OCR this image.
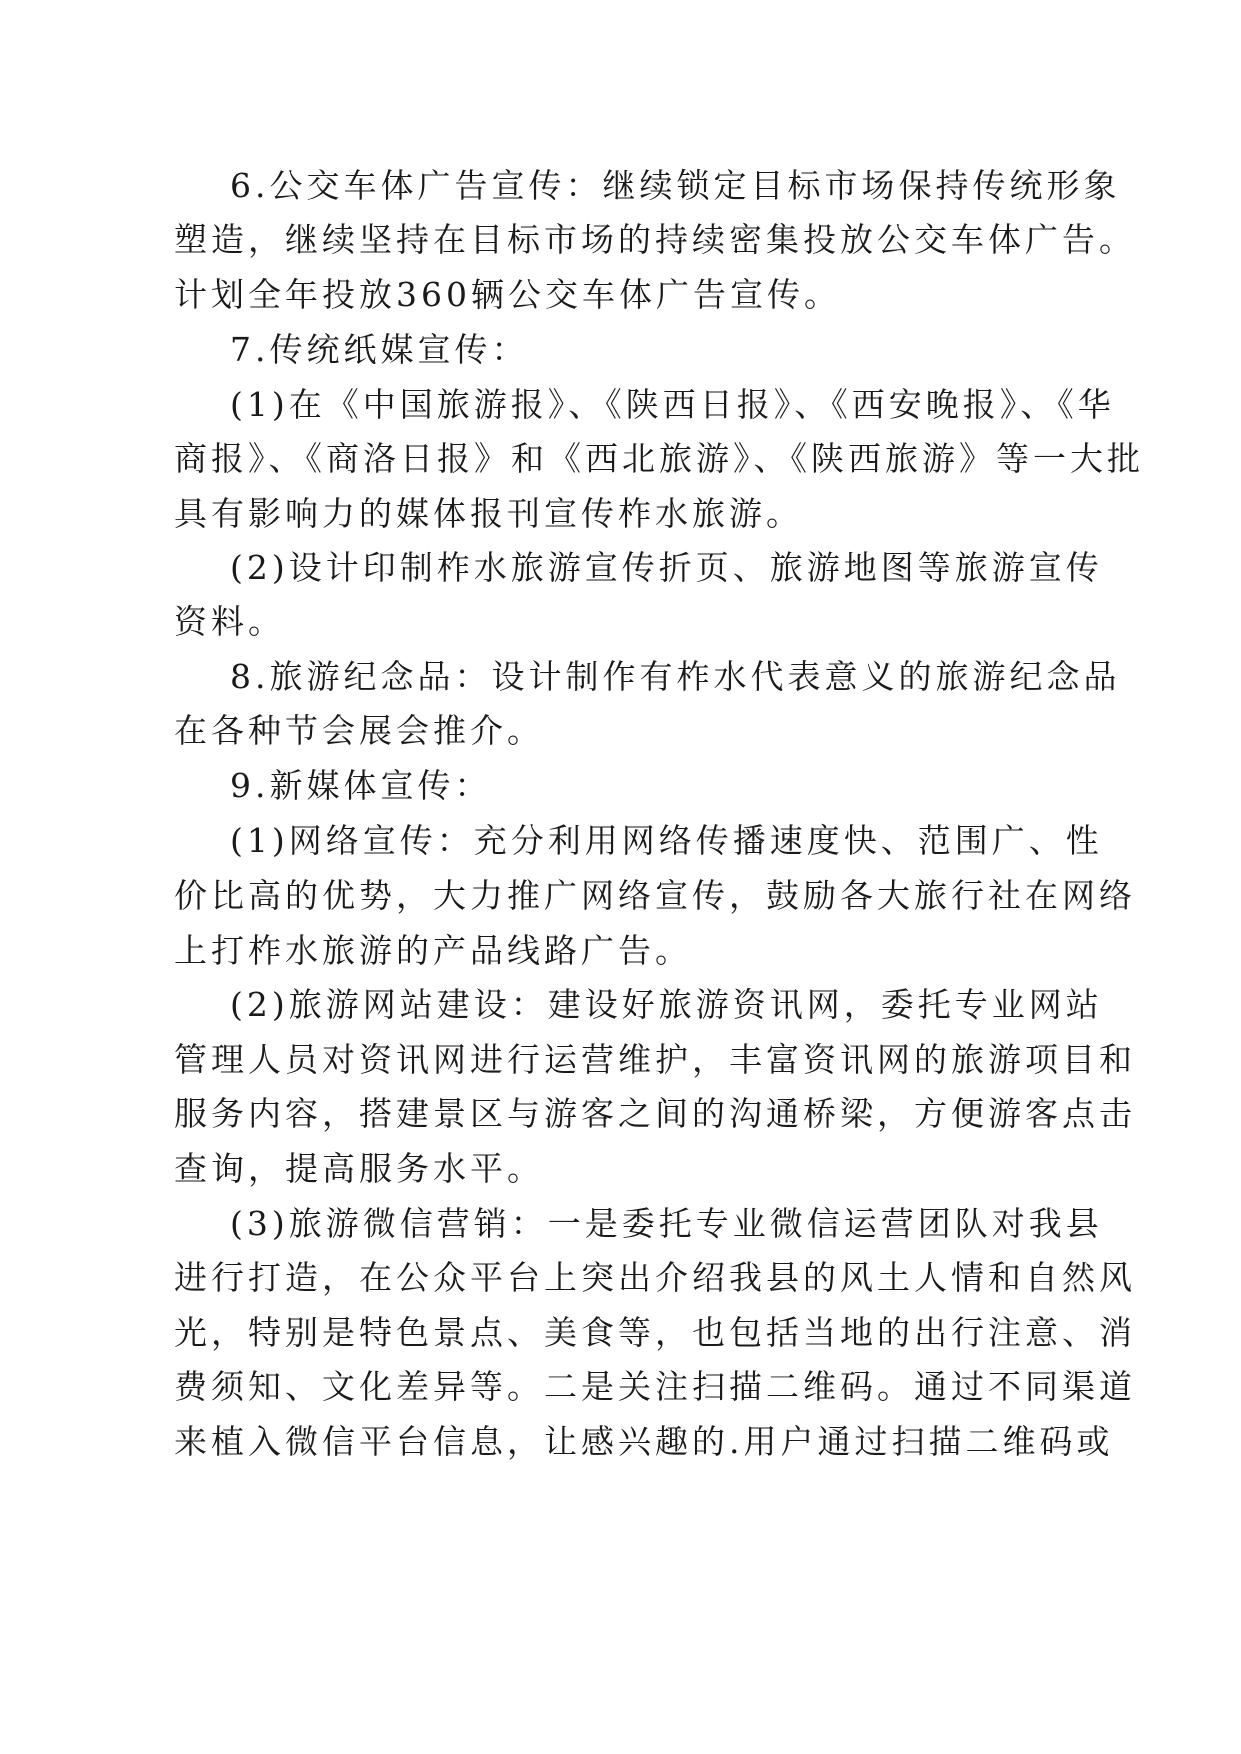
6.公交车体广告宣传：继续锁定目标市场保持传统形象
塑造，继续坚持在目标市场的持续密集投放公交车体广告。
计划全年投放360辆公交车体广告宣传。
7.传统纸媒宣传：
(1)在《中国旅游报》、《陕西日报》、《西安晚报》、《华
商报》、《商洛日报》和《西北旅游》、《陕西旅游》等一大批
具有影响力的媒体报刊宣传柞水旅游。
(2)设计印制柞水旅游宣传折页、旅游地图等旅游宣传
资料。
8.旅游纪念品：设计制作有柞水代表意义的旅游纪念品
在各种节会展会推介。
9.新媒体宣传：
(1)网络宣传：充分利用网络传播速度快、范围广、性
价比高的优势，大力推广网络宣传，鼓励各大旅行社在网络
上打柞水旅游的产品线路广告。
(2)旅游网站建设：建设好旅游资讯网，委托专业网站
管理人员对资讯网进行运营维护，丰富资讯网的旅游项目和
服务内容，搭建景区与游客之间的沟通桥梁，方便游客点击
查询，提高服务水平。
(3)旅游微信营销：一是委托专业微信运营团队对我县
进行打造，在公众平台上突出介绍我县的风土人情和自然风
光，特别是特色景点、美食等，也包括当地的出行注意、消
费须知、文化差异等。二是关注扫描二维码。通过不同渠道
来植入微信平台信息，让感兴趣的.用户通过扫描二维码或
